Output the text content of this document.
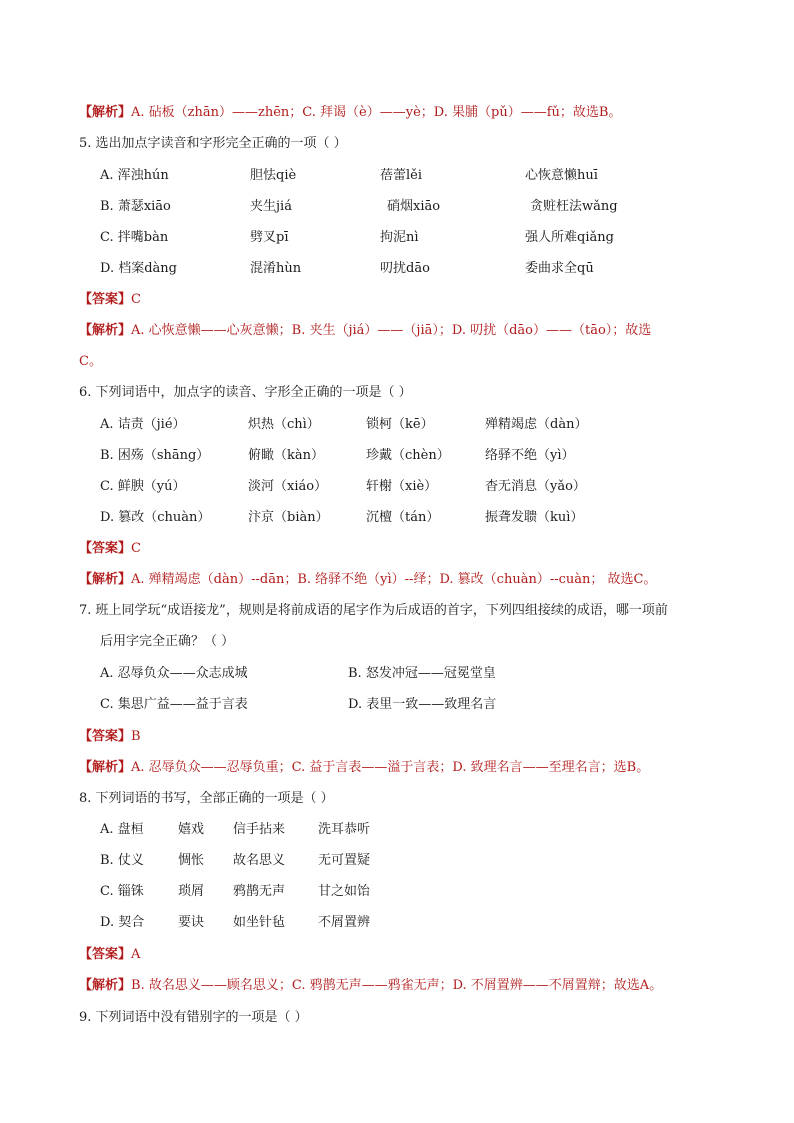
【解析】A. 砧板（zhān）——zhēn；C. 拜谒（è）——yè；D. 果脯（pǔ）——fǔ；故选B。
5. 选出加点字读音和字形完全正确的一项（ ）
A. 浑浊hún	胆怯qiè	蓓蕾lěi	心恢意懒huī
B. 萧瑟xiāo	夹生jiá	硝烟xiāo	贪赃枉法wǎng
C. 拌嘴bàn	劈叉pī	拘泥nì	强人所难qiǎng
D. 档案dàng	混淆hùn	叨扰dāo	委曲求全qū
【答案】C
【解析】A. 心恢意懒——心灰意懒；B. 夹生（jiá）——（jiā）；D. 叨扰（dāo）——（tāo）；故选
C。
6. 下列词语中，加点字的读音、字形全正确的一项是（ ）
A. 诘责（jié）	炽热（chì）	锁柯（kē）	殚精竭虑（dàn）
B. 困殇（shāng）	俯瞰（kàn）	珍戴（chèn）	络驿不绝（yì）
C. 鲜腴（yú）	淡河（xiáo）	轩榭（xiè）	杳无消息（yǎo）
D. 篡改（chuàn）	汴京（biàn）	沉檀（tán）	振聋发聩（kuì）
【答案】C
【解析】A. 殚精竭虑（dàn）--dān；B. 络驿不绝（yì）--绎；D. 篡改（chuàn）--cuàn； 故选C。
7. 班上同学玩“成语接龙”，规则是将前成语的尾字作为后成语的首字，下列四组接续的成语，哪一项前
后用字完全正确？（ ）
A. 忍辱负众——众志成城	B. 怒发冲冠——冠冕堂皇
C. 集思广益——益于言表	D. 表里一致——致理名言
【答案】B
【解析】A. 忍辱负众——忍辱负重；C. 益于言表——溢于言表；D. 致理名言——至理名言；选B。
8. 下列词语的书写，全部正确的一项是（ ）
A. 盘桓	嬉戏 信手拈来	洗耳恭听
B. 仗义	惆怅 故名思义	无可置疑
C. 锱铢	琐屑 鸦鹊无声	甘之如饴
D. 契合	要诀 如坐针毡	不屑置辨
【答案】A
【解析】B. 故名思义——顾名思义；C. 鸦鹊无声——鸦雀无声；D. 不屑置辨——不屑置辩；故选A。
9. 下列词语中没有错别字的一项是（ ）
